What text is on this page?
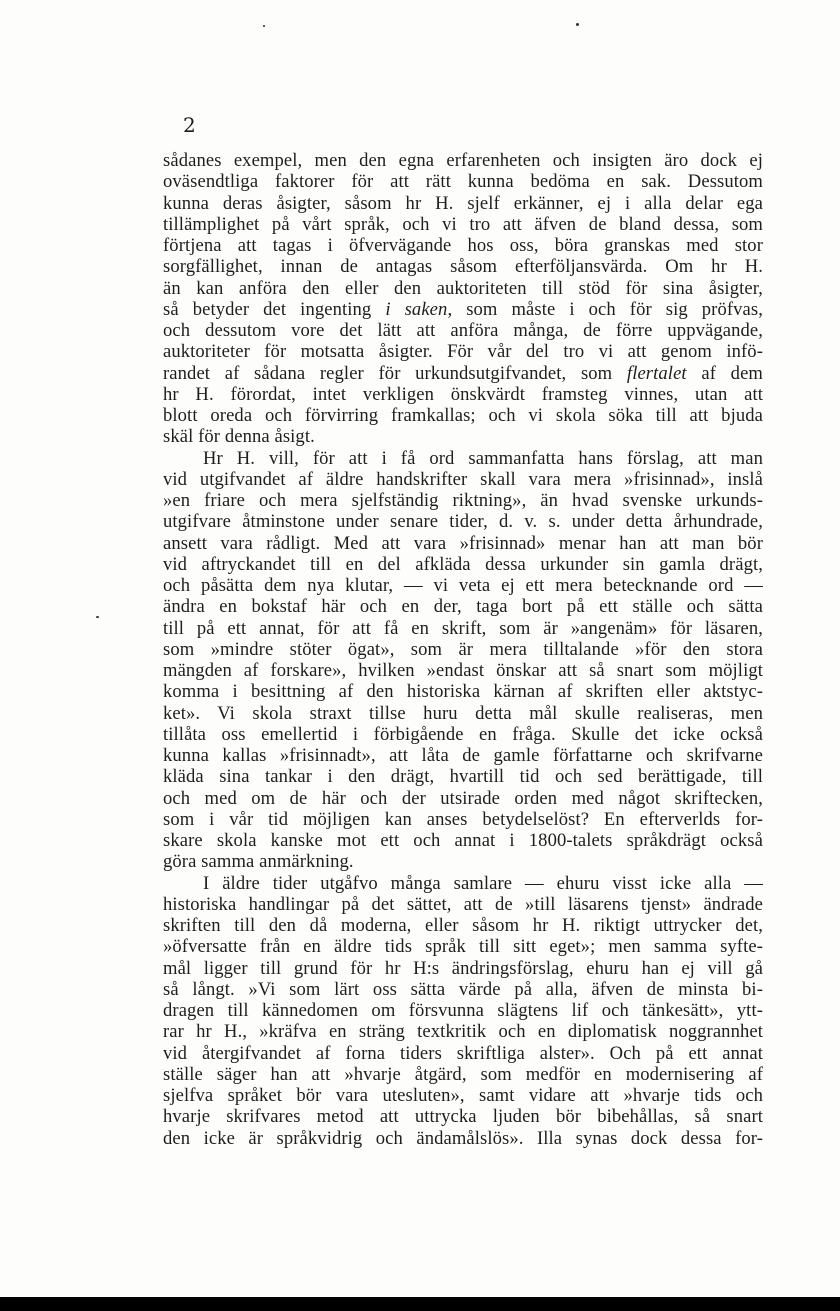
2

sådanes exempel, men den egna erfarenheten och insigten äro dock ej
oväsendtliga faktorer för att rätt kunna bedöma en sak. Dessutom
kunna deras åsigter, såsom hr H. sjelf erkänner, ej i alla delar ega
tillämplighet på vårt språk, och vi tro att äfven de bland dessa, som
förtjena att tagas i öfvervägande hos oss, böra granskas med stor
sorgfällighet, innan de antagas såsom efterföljansvärda. Om hr H.
än kan anföra den eller den auktoriteten till stöd för sina åsigter,
så betyder det ingenting i saken, som måste i och för sig pröfvas,
och dessutom vore det lätt att anföra många, de förre uppvägande,
auktoriteter för motsatta åsigter. För vår del tro vi att genom infö-
randet af sådana regler för urkundsutgifvandet, som flertalet af dem
hr H. förordat, intet verkligen önskvärdt framsteg vinnes, utan att
blott oreda och förvirring framkallas; och vi skola söka till att bjuda
skäl för denna åsigt.
Hr H. vill, för att i få ord sammanfatta hans förslag, att man
vid utgifvandet af äldre handskrifter skall vara mera »frisinnad», inslå
»en friare och mera sjelfständig riktning», än hvad svenske urkunds-
utgifvare åtminstone under senare tider, d. v. s. under detta århundrade,
ansett vara rådligt. Med att vara »frisinnad» menar han att man bör
vid aftryckandet till en del afkläda dessa urkunder sin gamla drägt,
och påsätta dem nya klutar, — vi veta ej ett mera betecknande ord —
ändra en bokstaf här och en der, taga bort på ett ställe och sätta
till på ett annat, för att få en skrift, som är »angenäm» för läsaren,
som »mindre stöter ögat», som är mera tilltalande »för den stora
mängden af forskare», hvilken »endast önskar att så snart som möjligt
komma i besittning af den historiska kärnan af skriften eller aktstyc-
ket». Vi skola straxt tillse huru detta mål skulle realiseras, men
tillåta oss emellertid i förbigående en fråga. Skulle det icke också
kunna kallas »frisinnadt», att låta de gamle författarne och skrifvarne
kläda sina tankar i den drägt, hvartill tid och sed berättigade, till
och med om de här och der utsirade orden med något skriftecken,
som i vår tid möjligen kan anses betydelselöst? En efterverlds for-
skare skola kanske mot ett och annat i 1800-talets språkdrägt också
göra samma anmärkning.
I äldre tider utgåfvo många samlare — ehuru visst icke alla —
historiska handlingar på det sättet, att de »till läsarens tjenst» ändrade
skriften till den då moderna, eller såsom hr H. riktigt uttrycker det,
»öfversatte från en äldre tids språk till sitt eget»; men samma syfte-
mål ligger till grund för hr H:s ändringsförslag, ehuru han ej vill gå
så långt. »Vi som lärt oss sätta värde på alla, äfven de minsta bi-
dragen till kännedomen om försvunna slägtens lif och tänkesätt», ytt-
rar hr H., »kräfva en sträng textkritik och en diplomatisk noggrannhet
vid återgifvandet af forna tiders skriftliga alster». Och på ett annat
ställe säger han att »hvarje åtgärd, som medför en modernisering af
sjelfva språket bör vara utesluten», samt vidare att »hvarje tids och
hvarje skrifvares metod att uttrycka ljuden bör bibehållas, så snart
den icke är språkvidrig och ändamålslös». Illa synas dock dessa for-
